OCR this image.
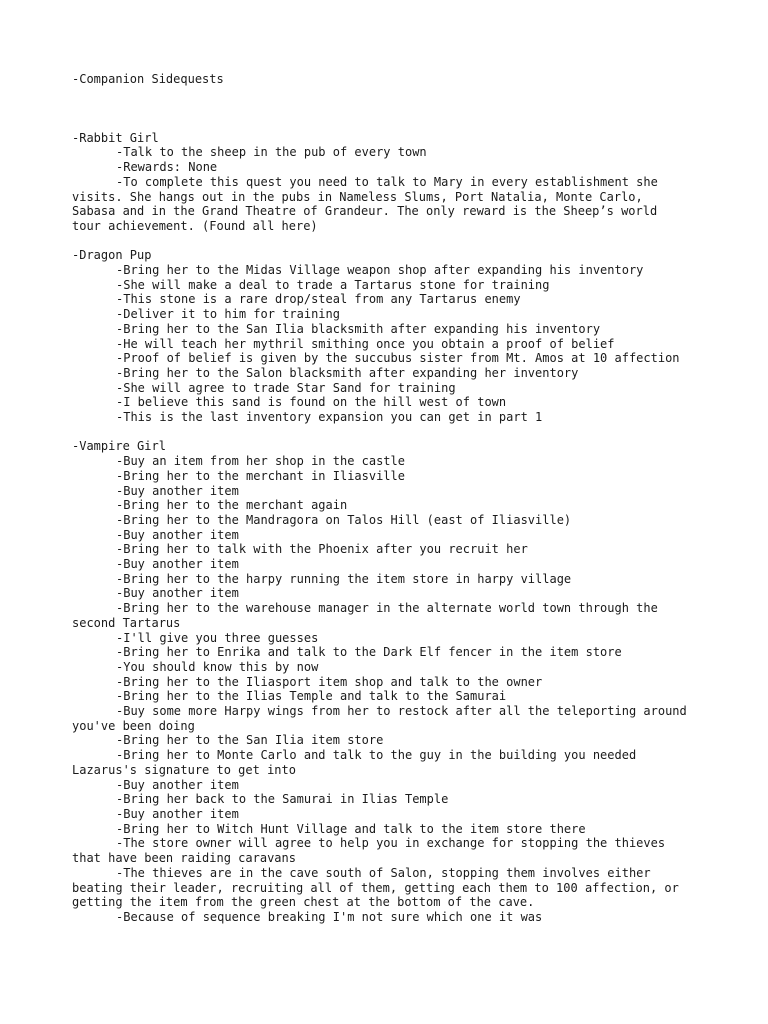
-Companion Sidequests
-Rabbit Girl
-Talk to the sheep in the pub of every town
-Rewards: None
-To complete this quest you need to talk to Mary in every establishment she visits. She hangs out in the pubs in Nameless Slums, Port Natalia, Monte Carlo, Sabasa and in the Grand Theatre of Grandeur. The only reward is the Sheep’s world tour achievement. (Found all here)
-Dragon Pup
-Bring her to the Midas Village weapon shop after expanding his inventory
-She will make a deal to trade a Tartarus stone for training
-This stone is a rare drop/steal from any Tartarus enemy
-Deliver it to him for training
-Bring her to the San Ilia blacksmith after expanding his inventory
-He will teach her mythril smithing once you obtain a proof of belief
-Proof of belief is given by the succubus sister from Mt. Amos at 10 affection
-Bring her to the Salon blacksmith after expanding her inventory
-She will agree to trade Star Sand for training
-I believe this sand is found on the hill west of town
-This is the last inventory expansion you can get in part 1
-Vampire Girl
-Buy an item from her shop in the castle
-Bring her to the merchant in Iliasville
-Buy another item
-Bring her to the merchant again
-Bring her to the Mandragora on Talos Hill (east of Iliasville)
-Buy another item
-Bring her to talk with the Phoenix after you recruit her
-Buy another item
-Bring her to the harpy running the item store in harpy village
-Buy another item
-Bring her to the warehouse manager in the alternate world town through the second Tartarus
-I'll give you three guesses
-Bring her to Enrika and talk to the Dark Elf fencer in the item store
-You should know this by now
-Bring her to the Iliasport item shop and talk to the owner
-Bring her to the Ilias Temple and talk to the Samurai
-Buy some more Harpy wings from her to restock after all the teleporting around you've been doing
-Bring her to the San Ilia item store
-Bring her to Monte Carlo and talk to the guy in the building you needed Lazarus's signature to get into
-Buy another item
-Bring her back to the Samurai in Ilias Temple
-Buy another item
-Bring her to Witch Hunt Village and talk to the item store there
-The store owner will agree to help you in exchange for stopping the thieves that have been raiding caravans
-The thieves are in the cave south of Salon, stopping them involves either beating their leader, recruiting all of them, getting each them to 100 affection, or getting the item from the green chest at the bottom of the cave.
-Because of sequence breaking I'm not sure which one it was
